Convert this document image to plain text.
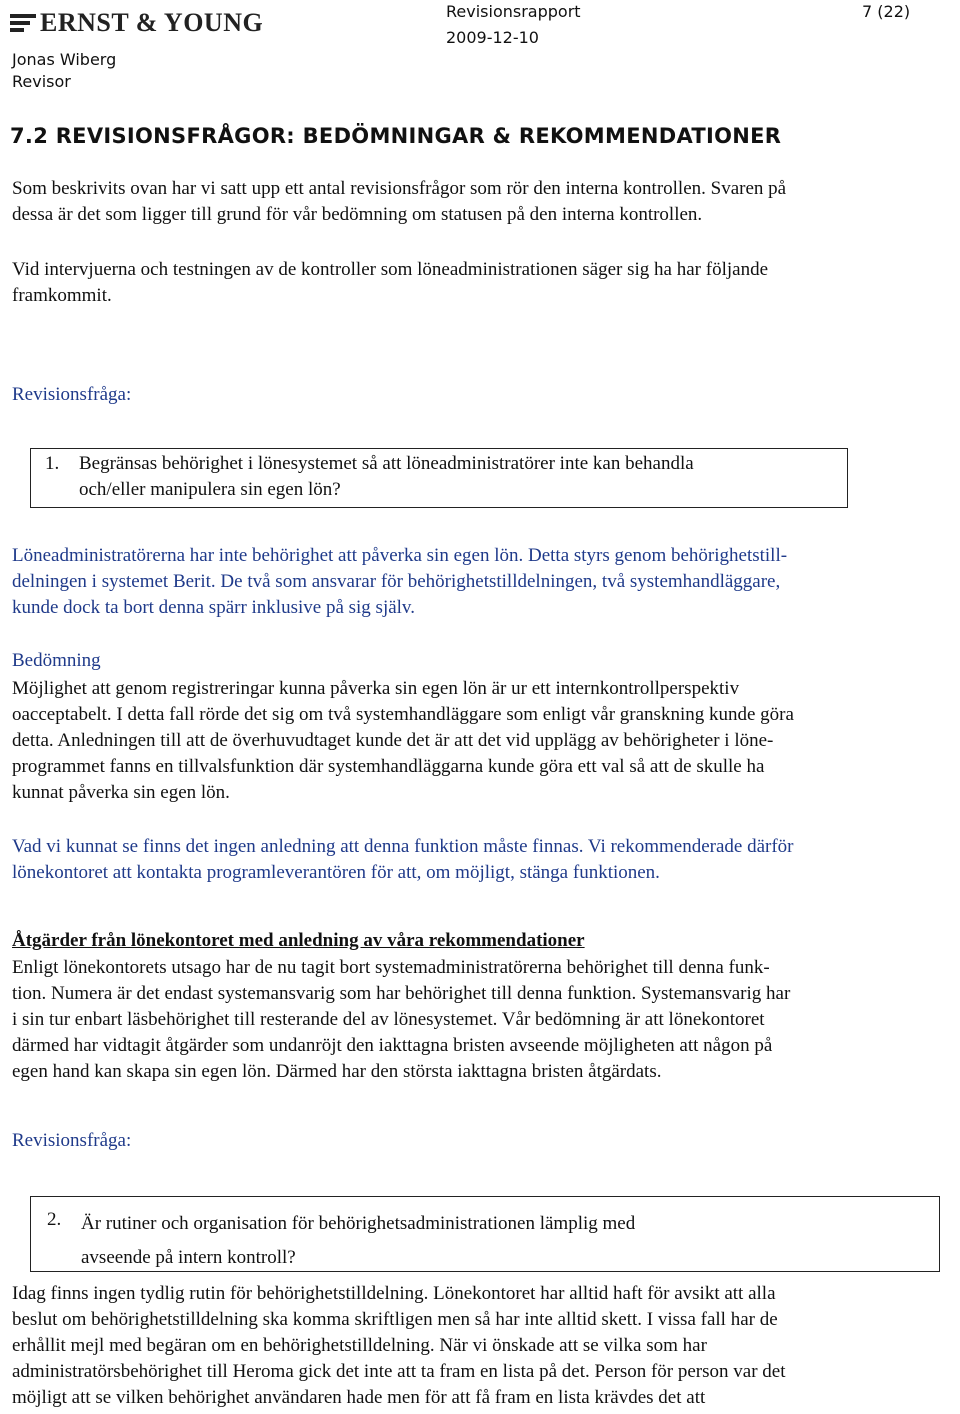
ERNST & YOUNG
Jonas Wiberg
Revisor
Revisionsrapport
2009-12-10
7 (22)
7.2 REVISIONSFRÅGOR: BEDÖMNINGAR & REKOMMENDATIONER
Som beskrivits ovan har vi satt upp ett antal revisionsfrågor som rör den interna kontrollen. Svaren på
dessa är det som ligger till grund för vår bedömning om statusen på den interna kontrollen.
Vid intervjuerna och testningen av de kontroller som löneadministrationen säger sig ha har följande
framkommit.
Revisionsfråga:
1. Begränsas behörighet i lönesystemet så att löneadministratörer inte kan behandla
och/eller manipulera sin egen lön?
Löneadministratörerna har inte behörighet att påverka sin egen lön. Detta styrs genom behörighetstill-
delningen i systemet Berit. De två som ansvarar för behörighetstilldelningen, två systemhandläggare,
kunde dock ta bort denna spärr inklusive på sig själv.
Bedömning
Möjlighet att genom registreringar kunna påverka sin egen lön är ur ett internkontrollperspektiv
oacceptabelt. I detta fall rörde det sig om två systemhandläggare som enligt vår granskning kunde göra
detta. Anledningen till att de överhuvudtaget kunde det är att det vid upplägg av behörigheter i löne-
programmet fanns en tillvalsfunktion där systemhandläggarna kunde göra ett val så att de skulle ha
kunnat påverka sin egen lön.
Vad vi kunnat se finns det ingen anledning att denna funktion måste finnas. Vi rekommenderade därför
lönekontoret att kontakta programleverantören för att, om möjligt, stänga funktionen.
Åtgärder från lönekontoret med anledning av våra rekommendationer
Enligt lönekontorets utsago har de nu tagit bort systemadministratörerna behörighet till denna funk-
tion. Numera är det endast systemansvarig som har behörighet till denna funktion. Systemansvarig har
i sin tur enbart läsbehörighet till resterande del av lönesystemet. Vår bedömning är att lönekontoret
därmed har vidtagit åtgärder som undanröjt den iakttagna bristen avseende möjligheten att någon på
egen hand kan skapa sin egen lön. Därmed har den största iakttagna bristen åtgärdats.
Revisionsfråga:
2. Är rutiner och organisation för behörighetsadministrationen lämplig med
avseende på intern kontroll?
Idag finns ingen tydlig rutin för behörighetstilldelning. Lönekontoret har alltid haft för avsikt att alla
beslut om behörighetstilldelning ska komma skriftligen men så har inte alltid skett. I vissa fall har de
erhållit mejl med begäran om en behörighetstilldelning. När vi önskade att se vilka som har
administratörsbehörighet till Heroma gick det inte att ta fram en lista på det. Person för person var det
möjligt att se vilken behörighet användaren hade men för att få fram en lista krävdes det att
